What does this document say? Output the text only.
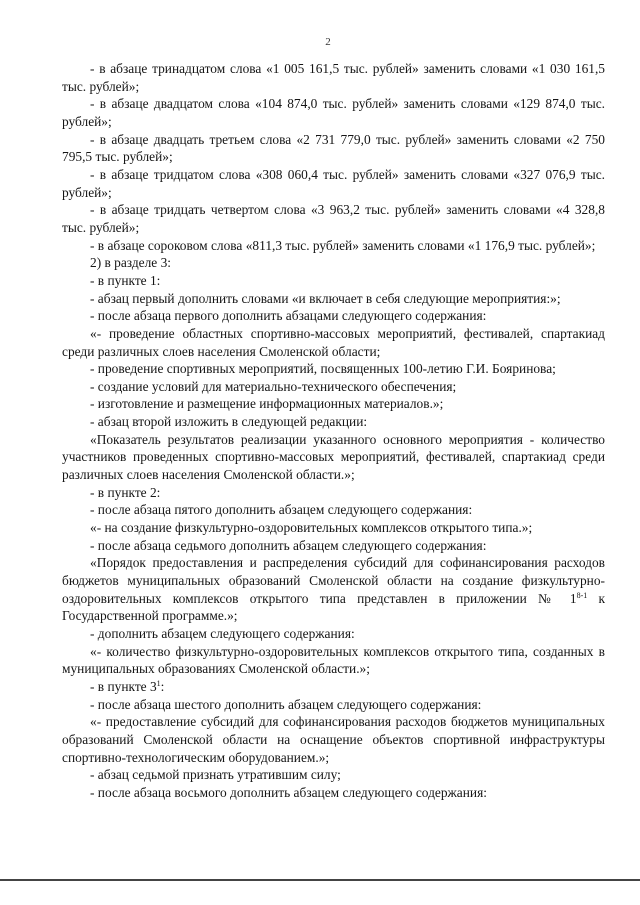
2

- в абзаце тринадцатом слова «1 005 161,5 тыс. рублей» заменить словами «1 030 161,5 тыс. рублей»;

- в абзаце двадцатом слова «104 874,0 тыс. рублей» заменить словами «129 874,0 тыс. рублей»;

- в абзаце двадцать третьем слова «2 731 779,0 тыс. рублей» заменить словами «2 750 795,5 тыс. рублей»;

- в абзаце тридцатом слова «308 060,4 тыс. рублей» заменить словами «327 076,9 тыс. рублей»;

- в абзаце тридцать четвертом слова «3 963,2 тыс. рублей» заменить словами «4 328,8 тыс. рублей»;

- в абзаце сороковом слова «811,3 тыс. рублей» заменить словами «1 176,9 тыс. рублей»;

2) в разделе 3:

- в пункте 1:

- абзац первый дополнить словами «и включает в себя следующие мероприятия:»;

- после абзаца первого дополнить абзацами следующего содержания:

«- проведение областных спортивно-массовых мероприятий, фестивалей, спартакиад среди различных слоев населения Смоленской области;

- проведение спортивных мероприятий, посвященных 100-летию Г.И. Бояринова;

- создание условий для материально-технического обеспечения;

- изготовление и размещение информационных материалов.»;

- абзац второй изложить в следующей редакции:

«Показатель результатов реализации указанного основного мероприятия - количество участников проведенных спортивно-массовых мероприятий, фестивалей, спартакиад среди различных слоев населения Смоленской области.»;

- в пункте 2:

- после абзаца пятого дополнить абзацем следующего содержания:

«- на создание физкультурно-оздоровительных комплексов открытого типа.»;

- после абзаца седьмого дополнить абзацем следующего содержания:

«Порядок предоставления и распределения субсидий для софинансирования расходов бюджетов муниципальных образований Смоленской области на создание физкультурно-оздоровительных комплексов открытого типа представлен в приложении № 1$^{8-1}$ к Государственной программе.»;

- дополнить абзацем следующего содержания:

«- количество физкультурно-оздоровительных комплексов открытого типа, созданных в муниципальных образованиях Смоленской области.»;

- в пункте $3^1$:

- после абзаца шестого дополнить абзацем следующего содержания:

«- предоставление субсидий для софинансирования расходов бюджетов муниципальных образований Смоленской области на оснащение объектов спортивной инфраструктуры спортивно-технологическим оборудованием.»;

- абзац седьмой признать утратившим силу;

- после абзаца восьмого дополнить абзацем следующего содержания:
